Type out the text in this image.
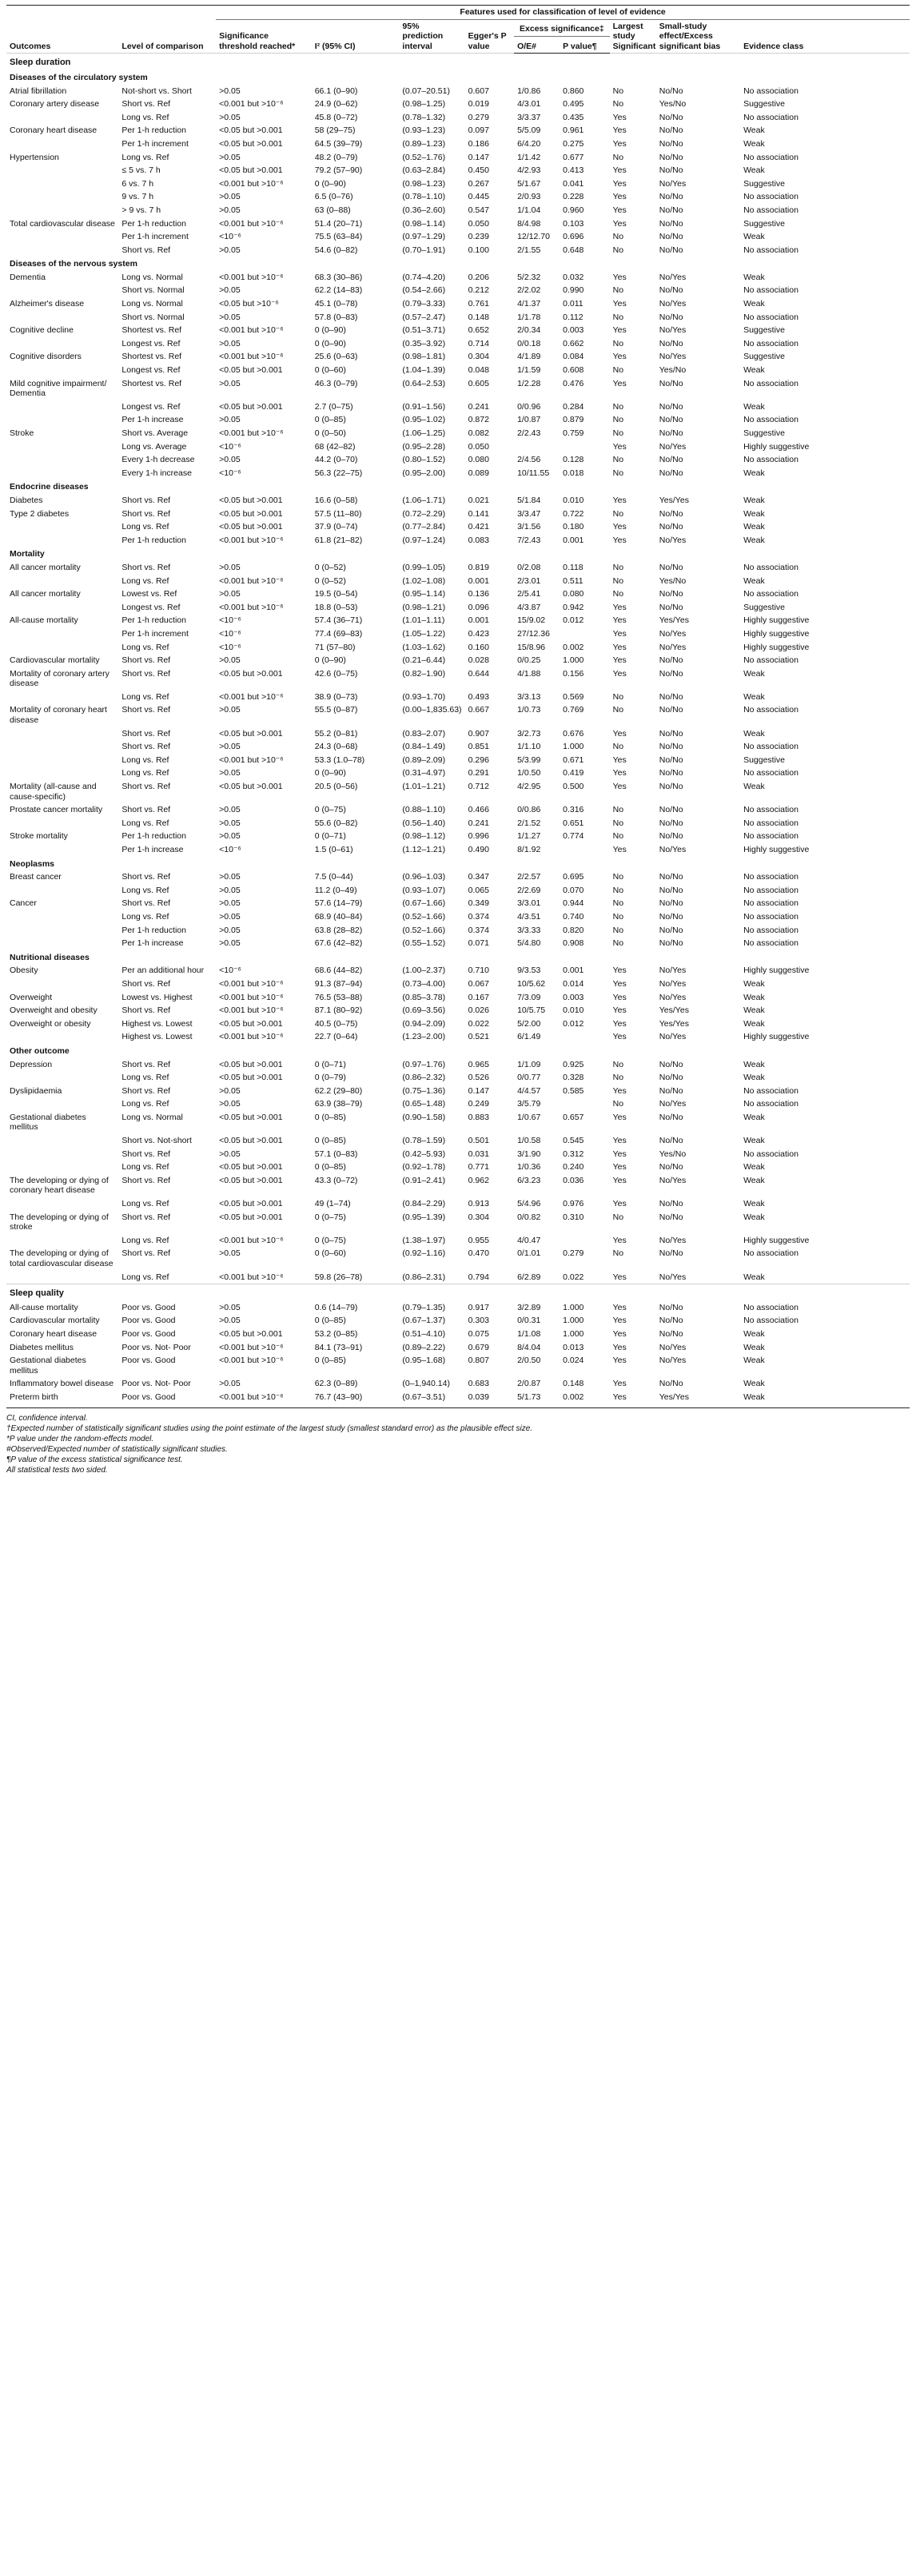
Outcomes	Level of comparison	Features used for classification of level of evidence								
		Significance threshold reached*	I² (95% CI)	95% prediction interval	Egger's P value	Excess significance‡		Largest study Significant	Small-study effect/Excess significant bias	Evidence class
						O/E#	P value¶			
Sleep duration										
Diseases of the circulatory system										
Atrial fibrillation	Not-short vs. Short	>0.05	66.1 (0–90)	(0.07–20.51)	0.607	1/0.86	0.860	No	No/No	No association
Coronary artery disease	Short vs. Ref	<0.001 but >10⁻⁶	24.9 (0–62)	(0.98–1.25)	0.019	4/3.01	0.495	No	Yes/No	Suggestive
	Long vs. Ref	>0.05	45.8 (0–72)	(0.78–1.32)	0.279	3/3.37	0.435	Yes	No/No	No association
Coronary heart disease	Per 1-h reduction	<0.05 but >0.001	58 (29–75)	(0.93–1.23)	0.097	5/5.09	0.961	Yes	No/No	Weak
	Per 1-h increment	<0.05 but >0.001	64.5 (39–79)	(0.89–1.23)	0.186	6/4.20	0.275	Yes	No/No	Weak
Hypertension	Long vs. Ref	>0.05	48.2 (0–79)	(0.52–1.76)	0.147	1/1.42	0.677	No	No/No	No association
	≤ 5 vs. 7 h	<0.05 but >0.001	79.2 (57–90)	(0.63–2.84)	0.450	4/2.93	0.413	Yes	No/No	Weak
	6 vs. 7 h	<0.001 but >10⁻⁶	0 (0–90)	(0.98–1.23)	0.267	5/1.67	0.041	Yes	No/Yes	Suggestive
	9 vs. 7 h	>0.05	6.5 (0–76)	(0.78–1.10)	0.445	2/0.93	0.228	Yes	No/No	No association
	> 9 vs. 7 h	>0.05	63 (0–88)	(0.36–2.60)	0.547	1/1.04	0.960	Yes	No/No	No association
Total cardiovascular disease	Per 1-h reduction	<0.001 but >10⁻⁶	51.4 (20–71)	(0.98–1.14)	0.050	8/4.98	0.103	Yes	No/No	Suggestive
	Per 1-h increment	<10⁻⁶	75.5 (63–84)	(0.97–1.29)	0.239	12/12.70	0.696	No	No/No	Weak
	Short vs. Ref	>0.05	54.6 (0–82)	(0.70–1.91)	0.100	2/1.55	0.648	No	No/No	No association
Diseases of the nervous system										
Dementia	Long vs. Normal	<0.001 but >10⁻⁶	68.3 (30–86)	(0.74–4.20)	0.206	5/2.32	0.032	Yes	No/Yes	Weak
	Short vs. Normal	>0.05	62.2 (14–83)	(0.54–2.66)	0.212	2/2.02	0.990	No	No/No	No association
Alzheimer's disease	Long vs. Normal	<0.05 but >10⁻⁶	45.1 (0–78)	(0.79–3.33)	0.761	4/1.37	0.011	Yes	No/Yes	Weak
	Short vs. Normal	>0.05	57.8 (0–83)	(0.57–2.47)	0.148	1/1.78	0.112	No	No/No	No association
Cognitive decline	Shortest vs. Ref	<0.001 but >10⁻⁶	0 (0–90)	(0.51–3.71)	0.652	2/0.34	0.003	Yes	No/Yes	Suggestive
	Longest vs. Ref	>0.05	0 (0–90)	(0.35–3.92)	0.714	0/0.18	0.662	No	No/No	No association
Cognitive disorders	Shortest vs. Ref	<0.001 but >10⁻⁶	25.6 (0–63)	(0.98–1.81)	0.304	4/1.89	0.084	Yes	No/Yes	Suggestive
	Longest vs. Ref	<0.05 but >0.001	0 (0–60)	(1.04–1.39)	0.048	1/1.59	0.608	No	Yes/No	Weak
Mild cognitive impairment/ Dementia	Shortest vs. Ref	>0.05	46.3 (0–79)	(0.64–2.53)	0.605	1/2.28	0.476	Yes	No/No	No association
	Longest vs. Ref	<0.05 but >0.001	2.7 (0–75)	(0.91–1.56)	0.241	0/0.96	0.284	No	No/No	Weak
	Per 1-h increase	>0.05	0 (0–85)	(0.95–1.02)	0.872	1/0.87	0.879	No	No/No	No association
Stroke	Short vs. Average	<0.001 but >10⁻⁶	0 (0–50)	(1.06–1.25)	0.082	2/2.43	0.759	No	No/No	Suggestive
	Long vs. Average	<10⁻⁶	68 (42–82)	(0.95–2.28)	0.050			Yes	No/Yes	Highly suggestive
	Every 1-h decrease	>0.05	44.2 (0–70)	(0.80–1.52)	0.080	2/4.56	0.128	No	No/No	No association
	Every 1-h increase	<10⁻⁶	56.3 (22–75)	(0.95–2.00)	0.089	10/11.55	0.018	No	No/No	Weak
Endocrine diseases										
Diabetes	Short vs. Ref	<0.05 but >0.001	16.6 (0–58)	(1.06–1.71)	0.021	5/1.84	0.010	Yes	Yes/Yes	Weak
Type 2 diabetes	Short vs. Ref	<0.05 but >0.001	57.5 (11–80)	(0.72–2.29)	0.141	3/3.47	0.722	No	No/No	Weak
	Long vs. Ref	<0.05 but >0.001	37.9 (0–74)	(0.77–2.84)	0.421	3/1.56	0.180	Yes	No/No	Weak
	Per 1-h reduction	<0.001 but >10⁻⁶	61.8 (21–82)	(0.97–1.24)	0.083	7/2.43	0.001	Yes	No/Yes	Weak
Mortality										
All cancer mortality	Short vs. Ref	>0.05	0 (0–52)	(0.99–1.05)	0.819	0/2.08	0.118	No	No/No	No association
	Long vs. Ref	<0.001 but >10⁻⁶	0 (0–52)	(1.02–1.08)	0.001	2/3.01	0.511	No	Yes/No	Weak
All cancer mortality	Lowest vs. Ref	>0.05	19.5 (0–54)	(0.95–1.14)	0.136	2/5.41	0.080	No	No/No	No association
	Longest vs. Ref	<0.001 but >10⁻⁶	18.8 (0–53)	(0.98–1.21)	0.096	4/3.87	0.942	Yes	No/No	Suggestive
All-cause mortality	Per 1-h reduction	<10⁻⁶	57.4 (36–71)	(1.01–1.11)	0.001	15/9.02	0.012	Yes	Yes/Yes	Highly suggestive
	Per 1-h increment	<10⁻⁶	77.4 (69–83)	(1.05–1.22)	0.423	27/12.36		Yes	No/Yes	Highly suggestive
	Long vs. Ref	<10⁻⁶	71 (57–80)	(1.03–1.62)	0.160	15/8.96	0.002	Yes	No/Yes	Highly suggestive
Cardiovascular mortality	Short vs. Ref	>0.05	0 (0–90)	(0.21–6.44)	0.028	0/0.25	1.000	Yes	No/No	No association
Mortality of coronary artery disease	Short vs. Ref	<0.05 but >0.001	42.6 (0–75)	(0.82–1.90)	0.644	4/1.88	0.156	Yes	No/No	Weak
	Long vs. Ref	<0.001 but >10⁻⁶	38.9 (0–73)	(0.93–1.70)	0.493	3/3.13	0.569	No	No/No	Weak
Mortality of coronary heart disease	Short vs. Ref	>0.05	55.5 (0–87)	(0.00–1,835.63)	0.667	1/0.73	0.769	No	No/No	No association
	Short vs. Ref	<0.05 but >0.001	55.2 (0–81)	(0.83–2.07)	0.907	3/2.73	0.676	Yes	No/No	Weak
	Short vs. Ref	>0.05	24.3 (0–68)	(0.84–1.49)	0.851	1/1.10	1.000	No	No/No	No association
	Long vs. Ref	<0.001 but >10⁻⁶	53.3 (1.0–78)	(0.89–2.09)	0.296	5/3.99	0.671	Yes	No/No	Suggestive
	Long vs. Ref	>0.05	0 (0–90)	(0.31–4.97)	0.291	1/0.50	0.419	Yes	No/No	No association
Mortality (all-cause and cause-specific)	Short vs. Ref	<0.05 but >0.001	20.5 (0–56)	(1.01–1.21)	0.712	4/2.95	0.500	Yes	No/No	Weak
Prostate cancer mortality	Short vs. Ref	>0.05	0 (0–75)	(0.88–1.10)	0.466	0/0.86	0.316	No	No/No	No association
	Long vs. Ref	>0.05	55.6 (0–82)	(0.56–1.40)	0.241	2/1.52	0.651	No	No/No	No association
Stroke mortality	Per 1-h reduction	>0.05	0 (0–71)	(0.98–1.12)	0.996	1/1.27	0.774	No	No/No	No association
	Per 1-h increase	<10⁻⁶	1.5 (0–61)	(1.12–1.21)	0.490	8/1.92		Yes	No/Yes	Highly suggestive
Neoplasms										
Breast cancer	Short vs. Ref	>0.05	7.5 (0–44)	(0.96–1.03)	0.347	2/2.57	0.695	No	No/No	No association
	Long vs. Ref	>0.05	11.2 (0–49)	(0.93–1.07)	0.065	2/2.69	0.070	No	No/No	No association
Cancer	Short vs. Ref	>0.05	57.6 (14–79)	(0.67–1.66)	0.349	3/3.01	0.944	No	No/No	No association
	Long vs. Ref	>0.05	68.9 (40–84)	(0.52–1.66)	0.374	4/3.51	0.740	No	No/No	No association
	Per 1-h reduction	>0.05	63.8 (28–82)	(0.52–1.66)	0.374	3/3.33	0.820	No	No/No	No association
	Per 1-h increase	>0.05	67.6 (42–82)	(0.55–1.52)	0.071	5/4.80	0.908	No	No/No	No association
Nutritional diseases										
Obesity	Per an additional hour	<10⁻⁶	68.6 (44–82)	(1.00–2.37)	0.710	9/3.53	0.001	Yes	No/Yes	Highly suggestive
	Short vs. Ref	<0.001 but >10⁻⁶	91.3 (87–94)	(0.73–4.00)	0.067	10/5.62	0.014	Yes	No/Yes	Weak
Overweight	Lowest vs. Highest	<0.001 but >10⁻⁶	76.5 (53–88)	(0.85–3.78)	0.167	7/3.09	0.003	Yes	No/Yes	Weak
Overweight and obesity	Short vs. Ref	<0.001 but >10⁻⁶	87.1 (80–92)	(0.69–3.56)	0.026	10/5.75	0.010	Yes	Yes/Yes	Weak
Overweight or obesity	Highest vs. Lowest	<0.05 but >0.001	40.5 (0–75)	(0.94–2.09)	0.022	5/2.00	0.012	Yes	Yes/Yes	Weak
	Highest vs. Lowest	<0.001 but >10⁻⁶	22.7 (0–64)	(1.23–2.00)	0.521	6/1.49		Yes	No/Yes	Highly suggestive
Other outcome										
Depression	Short vs. Ref	<0.05 but >0.001	0 (0–71)	(0.97–1.76)	0.965	1/1.09	0.925	No	No/No	Weak
	Long vs. Ref	<0.05 but >0.001	0 (0–79)	(0.86–2.32)	0.526	0/0.77	0.328	No	No/No	Weak
Dyslipidaemia	Short vs. Ref	>0.05	62.2 (29–80)	(0.75–1.36)	0.147	4/4.57	0.585	Yes	No/No	No association
	Long vs. Ref	>0.05	63.9 (38–79)	(0.65–1.48)	0.249	3/5.79		No	No/Yes	No association
Gestational diabetes mellitus	Long vs. Normal	<0.05 but >0.001	0 (0–85)	(0.90–1.58)	0.883	1/0.67	0.657	Yes	No/No	Weak
	Short vs. Not-short	<0.05 but >0.001	0 (0–85)	(0.78–1.59)	0.501	1/0.58	0.545	Yes	No/No	Weak
	Short vs. Ref	>0.05	57.1 (0–83)	(0.42–5.93)	0.031	3/1.90	0.312	Yes	Yes/No	No association
	Long vs. Ref	<0.05 but >0.001	0 (0–85)	(0.92–1.78)	0.771	1/0.36	0.240	Yes	No/No	Weak
The developing or dying of coronary heart disease	Short vs. Ref	<0.05 but >0.001	43.3 (0–72)	(0.91–2.41)	0.962	6/3.23	0.036	Yes	No/Yes	Weak
	Long vs. Ref	<0.05 but >0.001	49 (1–74)	(0.84–2.29)	0.913	5/4.96	0.976	Yes	No/No	Weak
The developing or dying of stroke	Short vs. Ref	<0.05 but >0.001	0 (0–75)	(0.95–1.39)	0.304	0/0.82	0.310	No	No/No	Weak
	Long vs. Ref	<0.001 but >10⁻⁶	0 (0–75)	(1.38–1.97)	0.955	4/0.47		Yes	No/Yes	Highly suggestive
The developing or dying of total cardiovascular disease	Short vs. Ref	>0.05	0 (0–60)	(0.92–1.16)	0.470	0/1.01	0.279	No	No/No	No association
	Long vs. Ref	<0.001 but >10⁻⁶	59.8 (26–78)	(0.86–2.31)	0.794	6/2.89	0.022	Yes	No/Yes	Weak
Sleep quality										
All-cause mortality	Poor vs. Good	>0.05	0.6 (14–79)	(0.79–1.35)	0.917	3/2.89	1.000	Yes	No/No	No association
Cardiovascular mortality	Poor vs. Good	>0.05	0 (0–85)	(0.67–1.37)	0.303	0/0.31	1.000	Yes	No/No	No association
Coronary heart disease	Poor vs. Good	<0.05 but >0.001	53.2 (0–85)	(0.51–4.10)	0.075	1/1.08	1.000	Yes	No/No	Weak
Diabetes mellitus	Poor vs. Not- Poor	<0.001 but >10⁻⁶	84.1 (73–91)	(0.89–2.22)	0.679	8/4.04	0.013	Yes	No/Yes	Weak
Gestational diabetes mellitus	Poor vs. Good	<0.001 but >10⁻⁶	0 (0–85)	(0.95–1.68)	0.807	2/0.50	0.024	Yes	No/Yes	Weak
Inflammatory bowel disease	Poor vs. Not- Poor	>0.05	62.3 (0–89)	(0–1,940.14)	0.683	2/0.87	0.148	Yes	No/No	Weak
Preterm birth	Poor vs. Good	<0.001 but >10⁻⁶	76.7 (43–90)	(0.67–3.51)	0.039	5/1.73	0.002	Yes	Yes/Yes	Weak
CI, confidence interval.
†Expected number of statistically significant studies using the point estimate of the largest study (smallest standard error) as the plausible effect size.
*P value under the random-effects model.
#Observed/Expected number of statistically significant studies.
¶P value of the excess statistical significance test.
All statistical tests two sided.
